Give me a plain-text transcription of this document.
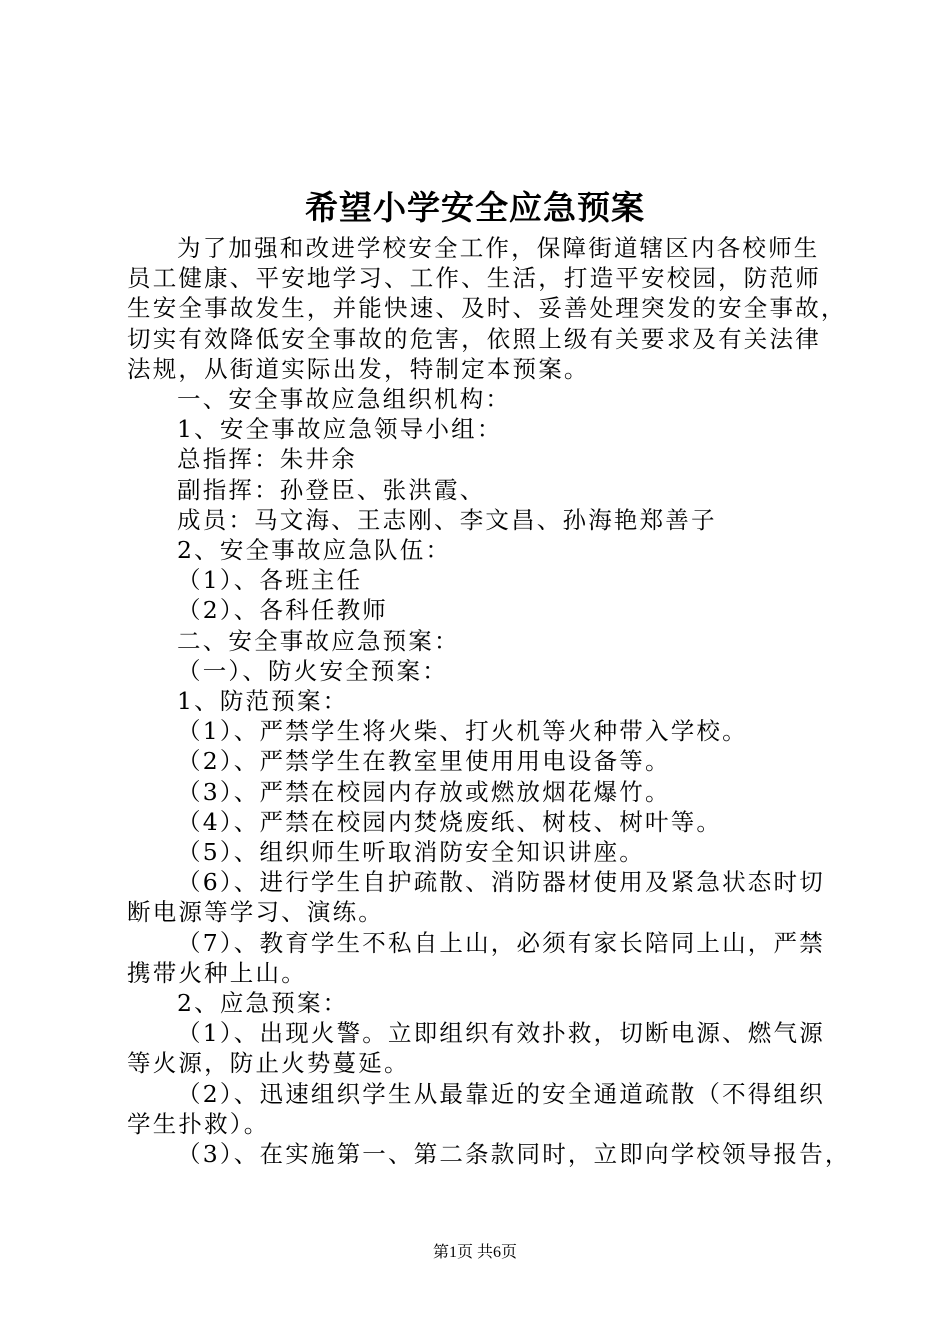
希望小学安全应急预案
为了加强和改进学校安全工作，保障街道辖区内各校师生
员工健康、平安地学习、工作、生活，打造平安校园，防范师
生安全事故发生，并能快速、及时、妥善处理突发的安全事故，
切实有效降低安全事故的危害，依照上级有关要求及有关法律
法规，从街道实际出发，特制定本预案。
一、安全事故应急组织机构：
1、安全事故应急领导小组：
总指挥：朱井余
副指挥：孙登臣、张洪霞、
成员：马文海、王志刚、李文昌、孙海艳郑善子
2、安全事故应急队伍：
（1）、各班主任
（2）、各科任教师
二、安全事故应急预案：
（一）、防火安全预案：
1、防范预案：
（1）、严禁学生将火柴、打火机等火种带入学校。
（2）、严禁学生在教室里使用用电设备等。
（3）、严禁在校园内存放或燃放烟花爆竹。
（4）、严禁在校园内焚烧废纸、树枝、树叶等。
（5）、组织师生听取消防安全知识讲座。
（6）、进行学生自护疏散、消防器材使用及紧急状态时切
断电源等学习、演练。
（7）、教育学生不私自上山，必须有家长陪同上山，严禁
携带火种上山。
2、应急预案：
（1）、出现火警。立即组织有效扑救，切断电源、燃气源
等火源，防止火势蔓延。
（2）、迅速组织学生从最靠近的安全通道疏散（不得组织
学生扑救）。
（3）、在实施第一、第二条款同时，立即向学校领导报告，
第1页 共6页
